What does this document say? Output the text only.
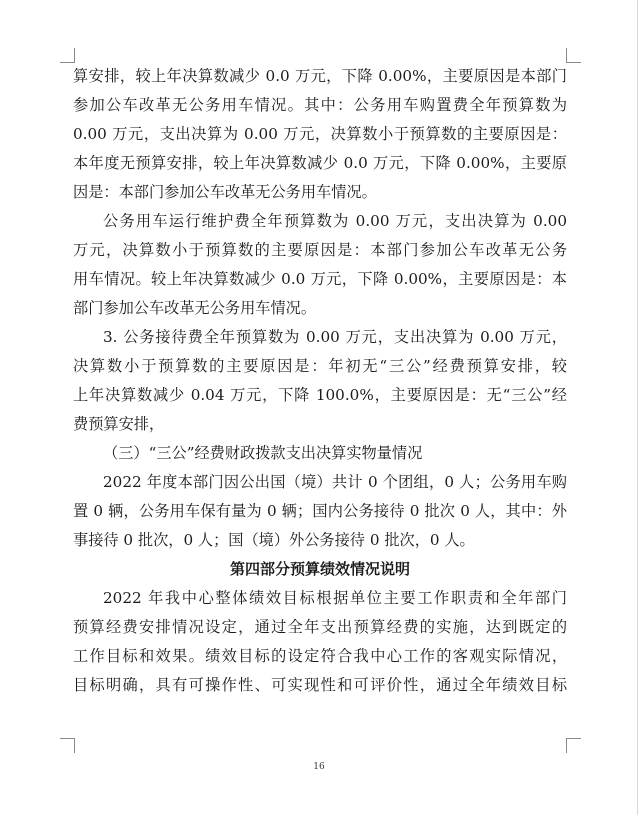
算安排，较上年决算数减少 0.0 万元，下降 0.00%，主要原因是本部门
参加公车改革无公务用车情况。其中：公务用车购置费全年预算数为
0.00 万元，支出决算为 0.00 万元，决算数小于预算数的主要原因是：
本年度无预算安排，较上年决算数减少 0.0 万元，下降 0.00%，主要原
因是：本部门参加公车改革无公务用车情况。
公务用车运行维护费全年预算数为 0.00 万元，支出决算为 0.00
万元，决算数小于预算数的主要原因是：本部门参加公车改革无公务
用车情况。较上年决算数减少 0.0 万元，下降 0.00%，主要原因是：本
部门参加公车改革无公务用车情况。
3. 公务接待费全年预算数为 0.00 万元，支出决算为 0.00 万元，
决算数小于预算数的主要原因是：年初无“三公”经费预算安排，较
上年决算数减少 0.04 万元，下降 100.0%，主要原因是：无“三公”经
费预算安排，
（三）“三公”经费财政拨款支出决算实物量情况
2022 年度本部门因公出国（境）共计 0 个团组，0 人；公务用车购
置 0 辆，公务用车保有量为 0 辆；国内公务接待 0 批次 0 人，其中：外
事接待 0 批次，0 人；国（境）外公务接待 0 批次，0 人。
第四部分预算绩效情况说明
2022 年我中心整体绩效目标根据单位主要工作职责和全年部门
预算经费安排情况设定，通过全年支出预算经费的实施，达到既定的
工作目标和效果。绩效目标的设定符合我中心工作的客观实际情况，
目标明确，具有可操作性、可实现性和可评价性，通过全年绩效目标
16
